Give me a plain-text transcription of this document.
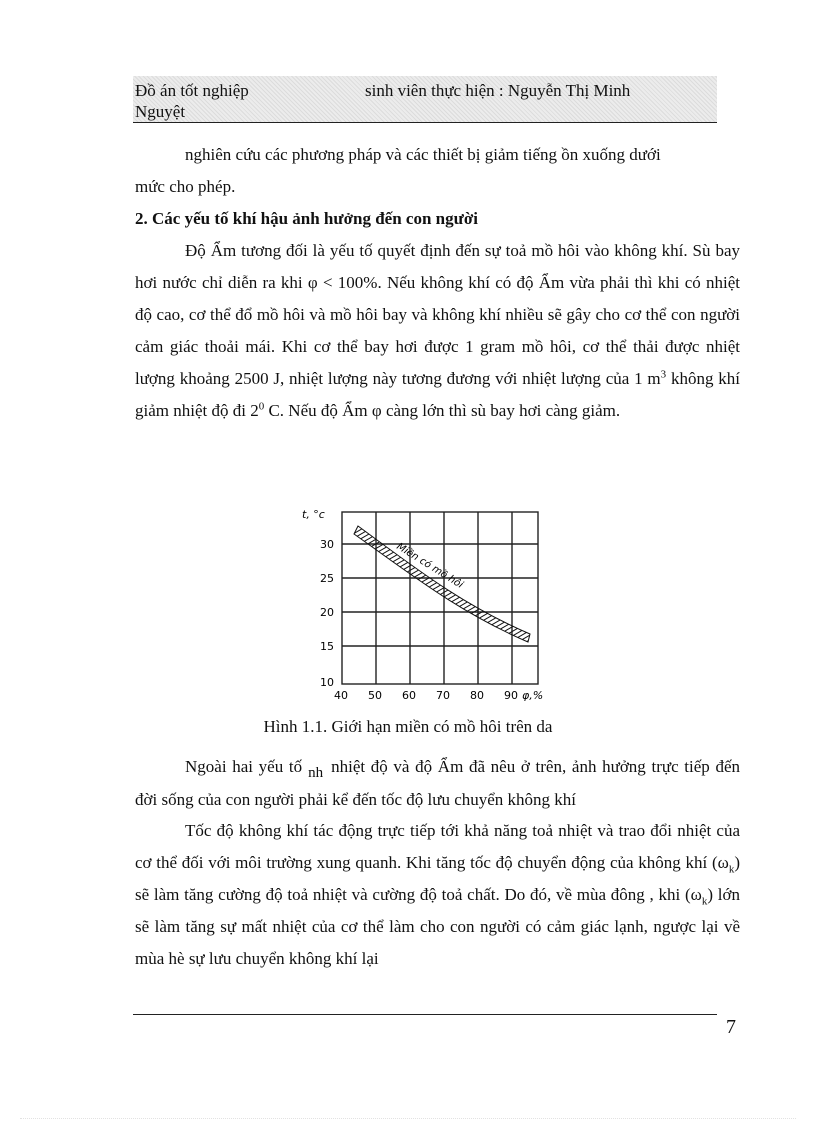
Đồ án tốt nghiệp	sinh viên thực hiện : Nguyễn Thị Minh
Nguyệt
nghiên cứu các phương pháp và các thiết bị giảm tiếng ồn xuống dưới
mức cho phép.
2. Các yếu tố khí hậu ảnh hưởng đến con người
Độ Ẩm tương đối là yếu tố quyết định đến sự toả mồ hôi vào không khí. Sù bay hơi nước chỉ diễn ra khi φ < 100%. Nếu không khí có độ Ẩm vừa phải thì khi có nhiệt độ cao, cơ thể đổ mồ hôi và mồ hôi bay và không khí nhiều sẽ gây cho cơ thể con người cảm giác thoải mái. Khi cơ thể bay hơi được 1 gram mồ hôi, cơ thể thải được nhiệt lượng khoảng 2500 J, nhiệt lượng này tương đương với nhiệt lượng của 1 $m^3$ không khí giảm nhiệt độ đi $2^0$ C. Nếu độ Ẩm φ càng lớn thì sù bay hơi càng giảm.
t, °c
30
25
20
15
10
40 50 60 70 80 90 φ,%
Miền có mồ hôi
Hình 1.1. Giới hạn miền có mồ hôi trên da
Ngoài hai yếu tố nh nhiệt độ và độ Ẩm đã nêu ở trên, ảnh hưởng trực tiếp đến đời sống của con người phải kể đến tốc độ lưu chuyển không khí
Tốc độ không khí tác động trực tiếp tới khả năng toả nhiệt và trao đổi nhiệt của cơ thể đối với môi trường xung quanh. Khi tăng tốc độ chuyển động của không khí $(\omega_k)$ sẽ làm tăng cường độ toả nhiệt và cường độ toả chất. Do đó, về mùa đông , khi $(\omega_k)$ lớn sẽ làm tăng sự mất nhiệt của cơ thể làm cho con người có cảm giác lạnh, ngược lại về mùa hè sự lưu chuyển không khí lại
7
